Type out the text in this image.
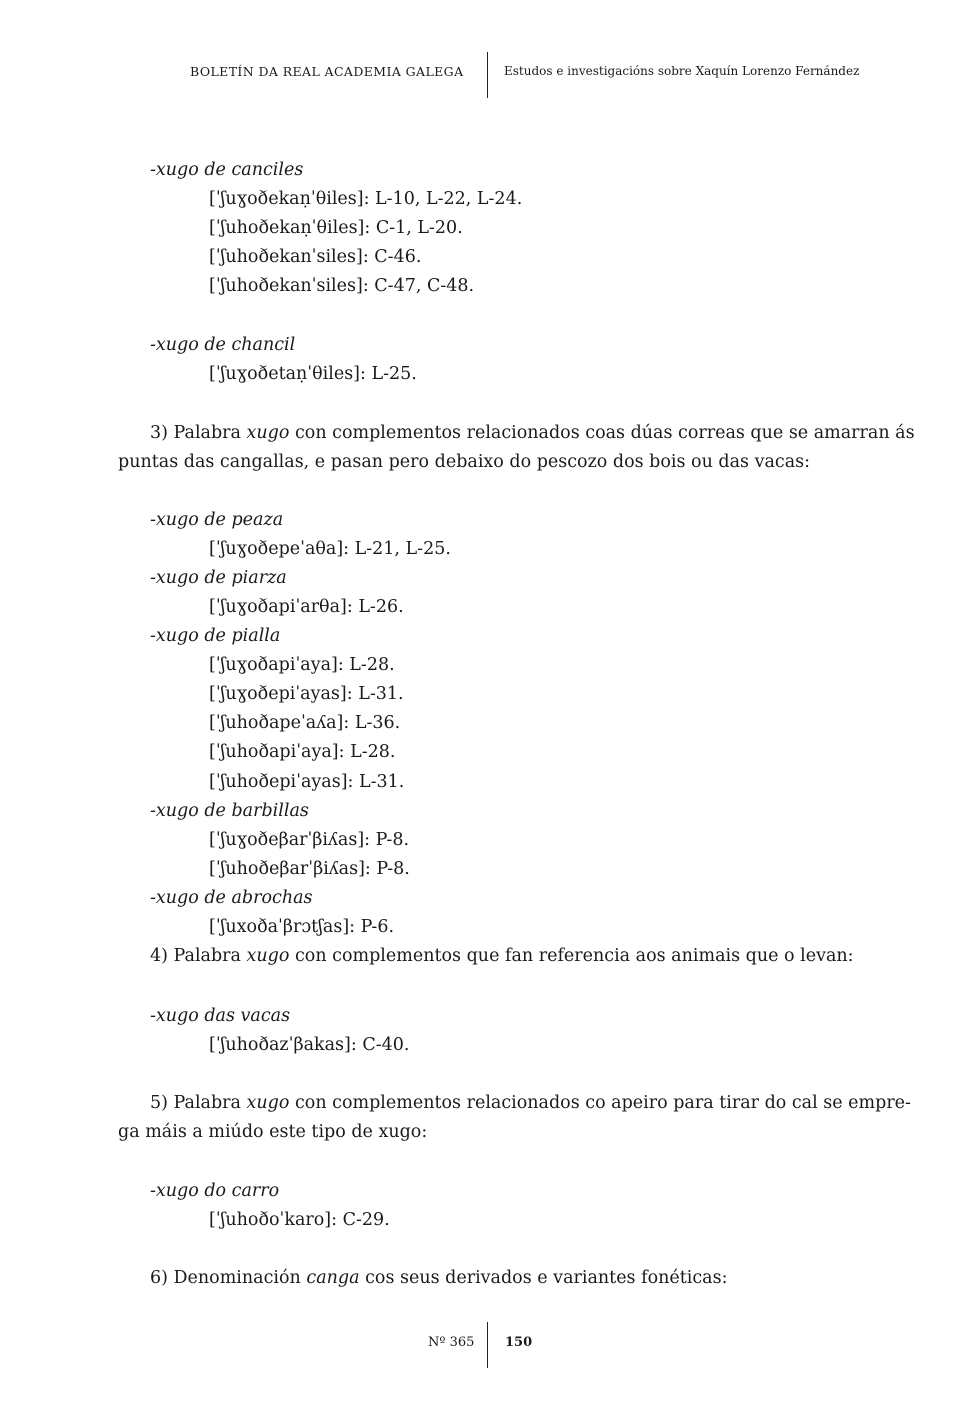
BOLETÍN DA REAL ACADEMIA GALEGA	Estudos e investigacións sobre Xaquín Lorenzo Fernández
-xugo de canciles
[ˈʃuɣoðekaṇˈθiles]: L-10, L-22, L-24.
[ˈʃuhoðekaṇˈθiles]: C-1, L-20.
[ˈʃuhoðekanˈsiles]: C-46.
[ˈʃuhoðekanˈsiles]: C-47, C-48.
-xugo de chancil
[ˈʃuɣoðetaṇˈθiles]: L-25.
3) Palabra xugo con complementos relacionados coas dúas correas que se amarran ás
puntas das cangallas, e pasan pero debaixo do pescozo dos bois ou das vacas:
-xugo de peaza
[ˈʃuɣoðepeˈaθa]: L-21, L-25.
-xugo de piarza
[ˈʃuɣoðapiˈarθa]: L-26.
-xugo de pialla
[ˈʃuɣoðapiˈaya]: L-28.
[ˈʃuɣoðepiˈayas]: L-31.
[ˈʃuhoðapeˈaʎa]: L-36.
[ˈʃuhoðapiˈaya]: L-28.
[ˈʃuhoðepiˈayas]: L-31.
-xugo de barbillas
[ˈʃuɣoðeβarˈβiʎas]: P-8.
[ˈʃuhoðeβarˈβiʎas]: P-8.
-xugo de abrochas
[ˈʃuxoðaˈβrɔtʃas]: P-6.
4) Palabra xugo con complementos que fan referencia aos animais que o levan:
-xugo das vacas
[ˈʃuhoðazˈβakas]: C-40.
5) Palabra xugo con complementos relacionados co apeiro para tirar do cal se empre-
ga máis a miúdo este tipo de xugo:
-xugo do carro
[ˈʃuhoðoˈkaro]: C-29.
6) Denominación canga cos seus derivados e variantes fonéticas:
Nº 365 150
